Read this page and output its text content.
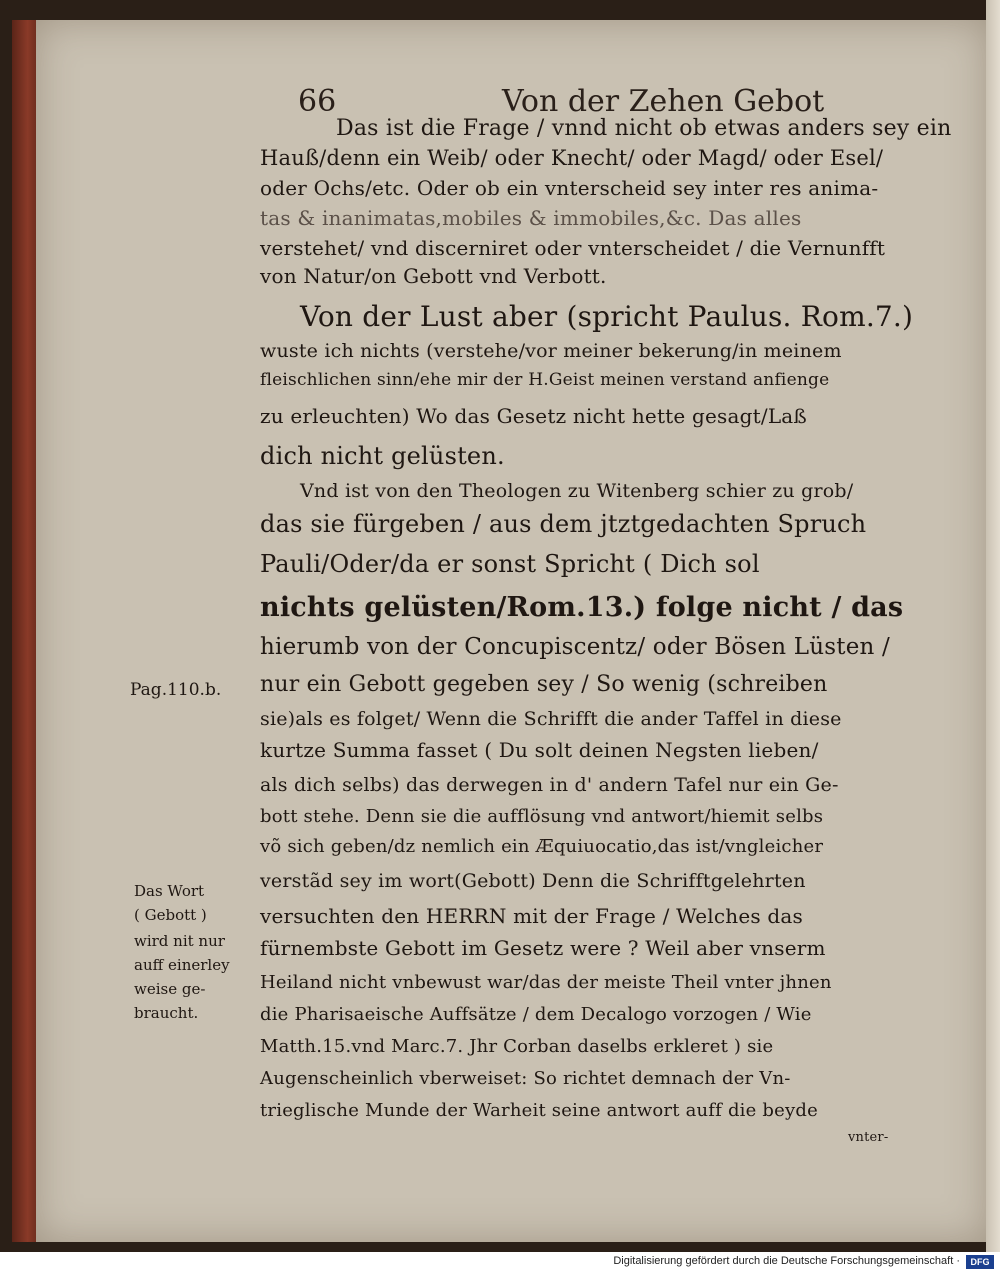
66	Von der Zehen Gebot
Das ist die Frage / vnnd nicht ob etwas anders sey ein
Hauß/denn ein Weib/ oder Knecht/ oder Magd/ oder Esel/
oder Ochs/etc. Oder ob ein vnterscheid sey inter res anima-
tas & inanimatas,mobiles & immobiles,&c. Das alles
verstehet/ vnd discerniret oder vnterscheidet / die Vernunfft
von Natur/on Gebott vnd Verbott.
Von der Lust aber (spricht Paulus. Rom.7.)
wuste ich nichts (verstehe/vor meiner bekerung/in meinem
fleischlichen sinn/ehe mir der H.Geist meinen verstand anfienge
zu erleuchten) Wo das Gesetz nicht hette gesagt/Laß
dich nicht gelüsten.
Vnd ist von den Theologen zu Witenberg schier zu grob/
das sie fürgeben / aus dem jtztgedachten Spruch
Pauli/Oder/da er sonst Spricht ( Dich sol
nichts gelüsten/Rom.13.) folge nicht / das
hierumb von der Concupiscentz/ oder Bösen Lüsten /
nur ein Gebott gegeben sey / So wenig (schreiben
sie)als es folget/ Wenn die Schrifft die ander Taffel in diese
kurtze Summa fasset ( Du solt deinen Negsten lieben/
als dich selbs) das derwegen in d' andern Tafel nur ein Ge-
bott stehe. Denn sie die aufflösung vnd antwort/hiemit selbs
võ sich geben/dz nemlich ein Æquiuocatio,das ist/vngleicher
verstãd sey im wort(Gebott) Denn die Schrifftgelehrten
versuchten den HERRN mit der Frage / Welches das
fürnembste Gebott im Gesetz were ? Weil aber vnserm
Heiland nicht vnbewust war/das der meiste Theil vnter jhnen
die Pharisaeische Auffsätze / dem Decalogo vorzogen / Wie
Matth.15.vnd Marc.7. Jhr Corban daselbs erkleret ) sie
Augenscheinlich vberweiset: So richtet demnach der Vn-
trieglische Munde der Warheit seine antwort auff die beyde
vnter-
Pag.110.b.
Das Wort
( Gebott )
wird nit nur
auff einerley
weise ge-
braucht.
Digitalisierung gefördert durch die Deutsche Forschungsgemeinschaft ·	DFG
